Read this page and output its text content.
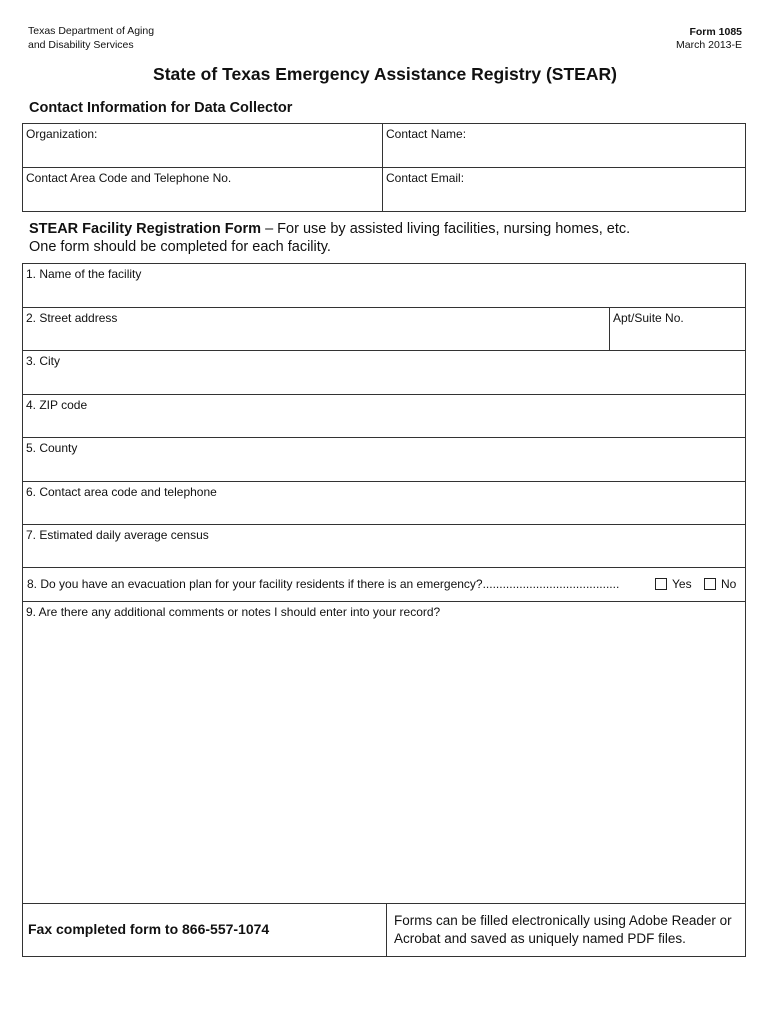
Texas Department of Aging
and Disability Services
Form 1085
March 2013-E
State of Texas Emergency Assistance Registry (STEAR)
Contact Information for Data Collector
Organization:	Contact Name:
Contact Area Code and Telephone No.	Contact Email:
STEAR Facility Registration Form – For use by assisted living facilities, nursing homes, etc.
One form should be completed for each facility.
1. Name of the facility
2. Street address	Apt/Suite No.
3. City
4. ZIP code
5. County
6. Contact area code and telephone
7. Estimated daily average census
8. Do you have an evacuation plan for your facility residents if there is an emergency?.........................................	Yes No
9. Are there any additional comments or notes I should enter into your record?
Fax completed form to 866-557-1074
Forms can be filled electronically using Adobe Reader or Acrobat and saved as uniquely named PDF files.
